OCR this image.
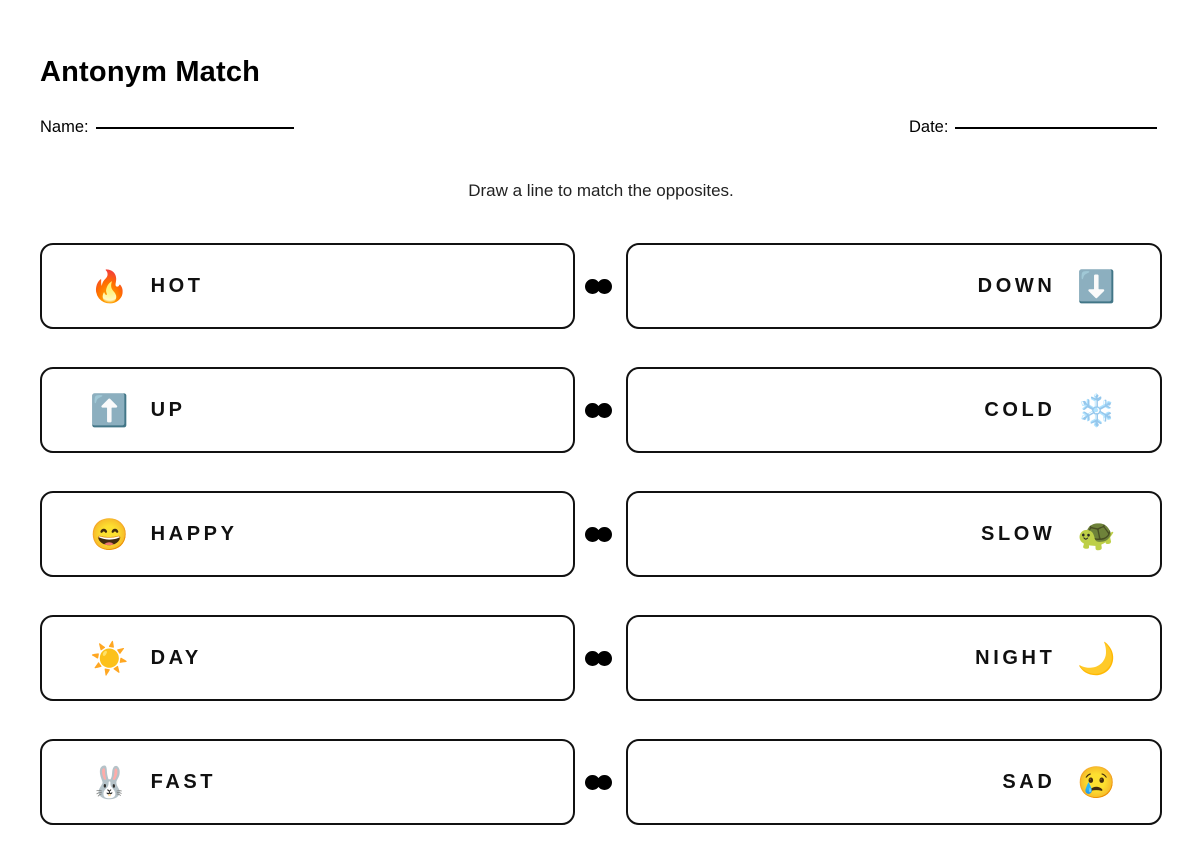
Antonym Match
Name:	Date:
Draw a line to match the opposites.
🔥 HOT	DOWN ⬇️
⬆️ UP	COLD ❄️
😄 HAPPY	SLOW 🐢
☀️ DAY	NIGHT 🌙
🐰 FAST	SAD 😢
